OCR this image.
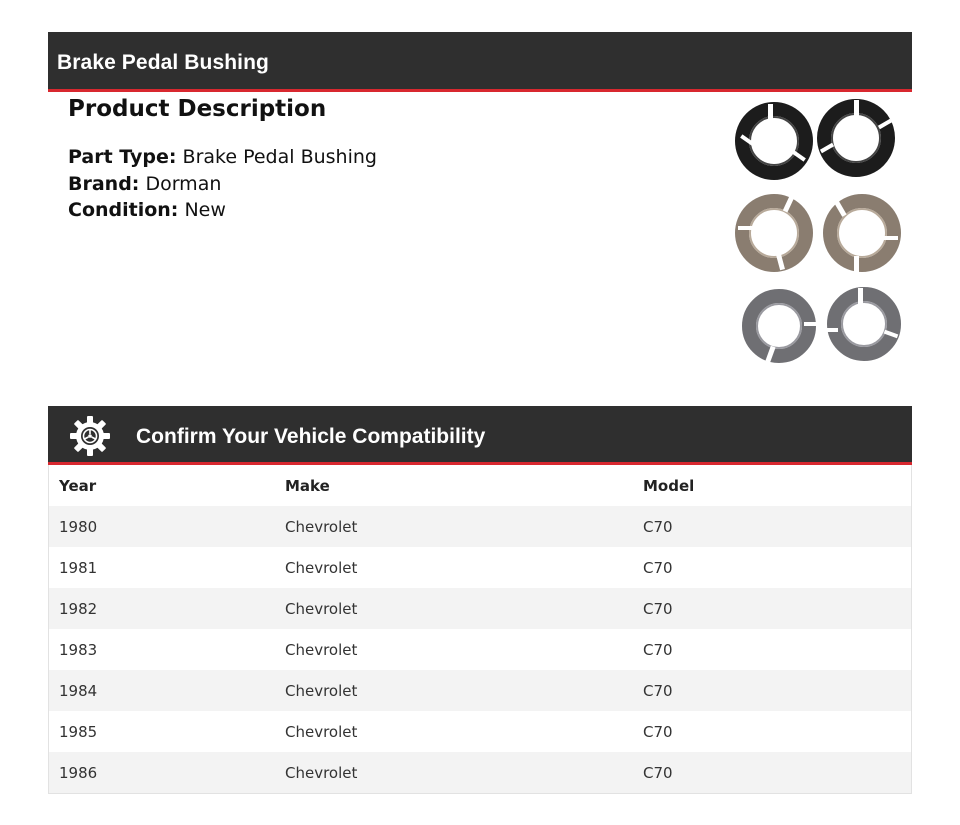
Brake Pedal Bushing
Product Description
Part Type: Brake Pedal Bushing
Brand: Dorman
Condition: New
Confirm Your Vehicle Compatibility
Year	Make	Model
1980	Chevrolet	C70
1981	Chevrolet	C70
1982	Chevrolet	C70
1983	Chevrolet	C70
1984	Chevrolet	C70
1985	Chevrolet	C70
1986	Chevrolet	C70
